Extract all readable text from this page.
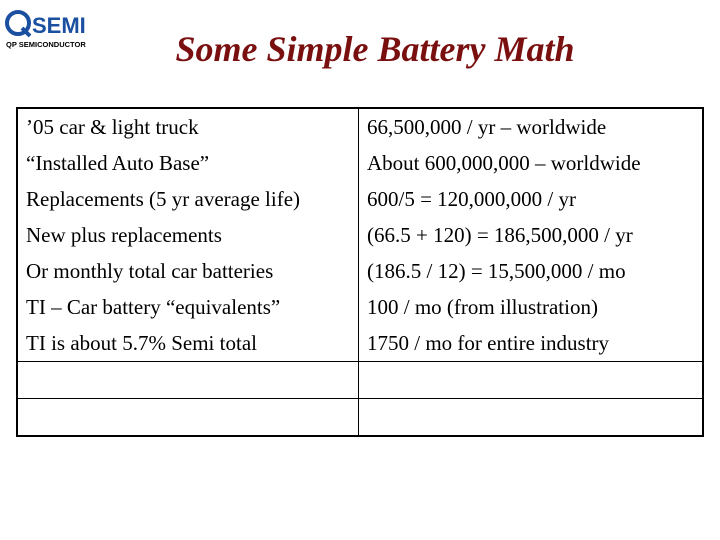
SEMI
QP SEMICONDUCTOR	Some Simple Battery Math
’05 car & light truck	66,500,000 / yr – worldwide
“Installed Auto Base”	About 600,000,000 – worldwide
Replacements (5 yr average life)	600/5 = 120,000,000 / yr
New plus replacements	(66.5 + 120) = 186,500,000 / yr
Or monthly total car batteries	(186.5 / 12) = 15,500,000 / mo
TI – Car battery “equivalents”	100 / mo (from illustration)
TI is about 5.7% Semi total	1750 / mo for entire industry
